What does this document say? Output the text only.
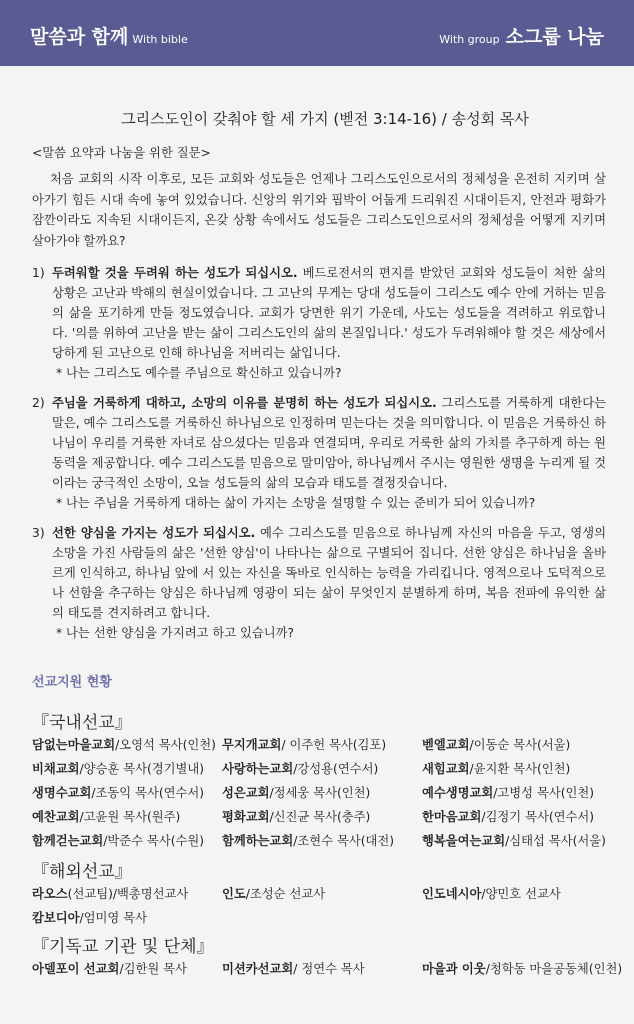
말씀과 함께 With bible	With group 소그룹 나눔
그리스도인이 갖춰야 할 세 가지 (벧전 3:14-16) / 송성회 목사
<말씀 요약과 나눔을 위한 질문>

처음 교회의 시작 이후로, 모든 교회와 성도들은 언제나 그리스도인으로서의 정체성을 온전히 지키며 살아가기 힘든 시대 속에 놓여 있었습니다. 신앙의 위기와 핍박이 어둡게 드리워진 시대이든지, 안전과 평화가 잠깐이라도 지속된 시대이든지, 온갖 상황 속에서도 성도들은 그리스도인으로서의 정체성을 어떻게 지키며 살아가야 할까요?

1) 두려워할 것을 두려워 하는 성도가 되십시오. 베드로전서의 편지를 받았던 교회와 성도들이 처한 삶의 상황은 고난과 박해의 현실이었습니다. 그 고난의 무게는 당대 성도들이 그리스도 예수 안에 거하는 믿음의 삶을 포기하게 만들 정도였습니다. 교회가 당면한 위기 가운데, 사도는 성도들을 격려하고 위로합니다. '의를 위하여 고난을 받는 삶이 그리스도인의 삶의 본질입니다.' 성도가 두려워해야 할 것은 세상에서 당하게 된 고난으로 인해 하나님을 저버리는 삶입니다.

* 나는 그리스도 예수를 주님으로 확신하고 있습니까?

2) 주님을 거룩하게 대하고, 소망의 이유를 분명히 하는 성도가 되십시오. 그리스도를 거룩하게 대한다는 말은, 예수 그리스도를 거룩하신 하나님으로 인정하며 믿는다는 것을 의미합니다. 이 믿음은 거룩하신 하나님이 우리를 거룩한 자녀로 삼으셨다는 믿음과 연결되며, 우리로 거룩한 삶의 가치를 추구하게 하는 원동력을 제공합니다. 예수 그리스도를 믿음으로 말미암아, 하나님께서 주시는 영원한 생명을 누리게 될 것이라는 궁극적인 소망이, 오늘 성도들의 삶의 모습과 태도를 결정짓습니다.

* 나는 주님을 거룩하게 대하는 삶이 가지는 소망을 설명할 수 있는 준비가 되어 있습니까?

3) 선한 양심을 가지는 성도가 되십시오. 예수 그리스도를 믿음으로 하나님께 자신의 마음을 두고, 영생의 소망을 가진 사람들의 삶은 '선한 양심'이 나타나는 삶으로 구별되어 집니다. 선한 양심은 하나님을 올바르게 인식하고, 하나님 앞에 서 있는 자신을 똑바로 인식하는 능력을 가리킵니다. 영적으로나 도덕적으로나 선함을 추구하는 양심은 하나님께 영광이 되는 삶이 무엇인지 분별하게 하며, 복음 전파에 유익한 삶의 태도를 견지하려고 합니다.

* 나는 선한 양심을 가지려고 하고 있습니까?

선교지원 현황
『국내선교』
담없는마을교회/오영석 목사(인천) 무지개교회/ 이주헌 목사(김포)	벧엘교회/이동순 목사(서울)
비채교회/양승훈 목사(경기별내)	사랑하는교회/강성용(연수서)	새힘교회/윤지환 목사(인천)
생명수교회/조동익 목사(연수서)	성은교회/정세웅 목사(인천)	예수생명교회/고병성 목사(인천)
예찬교회/고윤원 목사(원주)	평화교회/신진균 목사(충주)	한마음교회/김정기 목사(연수서)
함께걷는교회/박준수 목사(수원)	함께하는교회/조현수 목사(대전)	행복을여는교회/심태섭 목사(서울)
『해외선교』
라오스(선교팀)/백총명선교사	인도/조성순 선교사	인도네시아/양민호 선교사
캄보디아/엄미영 목사
『기독교 기관 및 단체』
아델포이 선교회/김한원 목사	미션카선교회/ 정연수 목사	마을과 이웃/청학동 마을공동체(인천)
